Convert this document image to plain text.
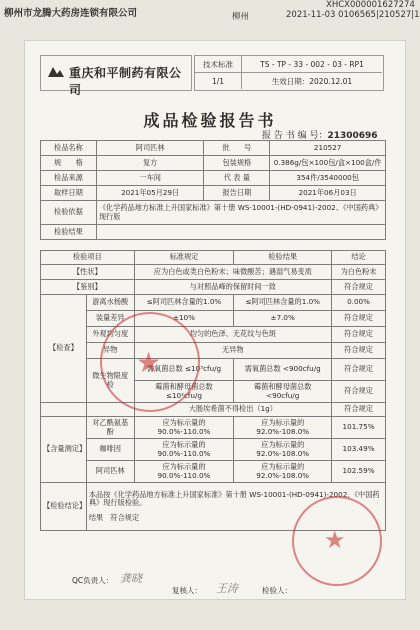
柳州市龙腾大药房连锁有限公司	柳州
XHCX000001627274
2021-11-03 0106565|210527|1
重庆和平制药有限公司
技术标准	TS - TP - 33 - 002 - 03 - RP1
1/1	生效日期： 2020.12.01
成品检验报告书
报 告 书 编 号：21300696
检品名称	阿司匹林	批　　号	210527
规　　格	复方	包装规格	0.386g/包×100包/盒×100盒/件
检品来源	一车间	代 表 量	354件/3540000包
取样日期	2021年05月29日	报告日期	2021年06月03日
检验依据	《化学药品地方标准上升国家标准》第十册 WS-10001-(HD-0941)-2002、《中国药典》现行版		
检验结果			
检验项目		标准规定	检验结果	结论
【性状】		应为白色或类白色粉末；味微酸苦；遇湿气易变质		为白色粉末
【鉴别】		与对照品峰的保留时间一致		符合规定
【检查】	游离水杨酸	≤阿司匹林含量的1.0%	≤阿司匹林含量的1.0%	0.00%
	装量差异	±10%	±7.0%	符合规定
	外观均匀度	均匀的色泽、无花纹与色斑		符合规定
	异物	无异物		符合规定
	微生物限度检	需氧菌总数 ≤10³cfu/g	需氧菌总数 <900cfu/g	符合规定
		霉菌和酵母菌总数 ≤10²cfu/g	霉菌和酵母菌总数 <90cfu/g	符合规定
		大肠埃希菌不得检出（1g）		符合规定
【含量测定】	对乙酰氨基酚	应为标示量的 90.0%-110.0%	应为标示量的 92.0%-108.0%	101.75%
	咖啡因	应为标示量的 90.0%-110.0%	应为标示量的 92.0%-108.0%	103.49%
	阿司匹林	应为标示量的 90.0%-110.0%	应为标示量的 92.0%-108.0%	102.59%
【检验结论】	本品按《化学药品地方标准上升国家标准》第十册 WS-10001-(HD-0941)-2002、《中国药典》现行版检验。
结果　符合规定			
★
★
QC负责人： 龚晓
复核人： 王涛	检验人：
